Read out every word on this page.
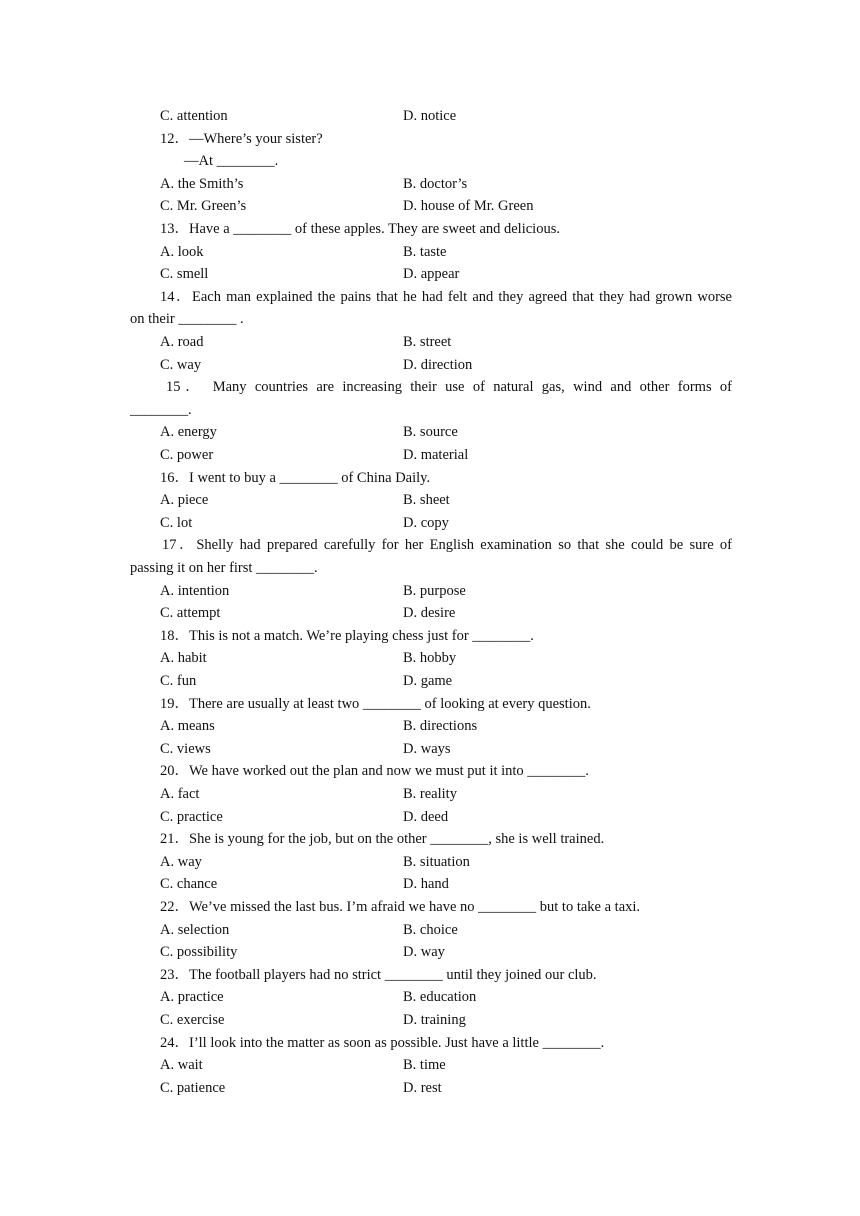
C. attention	D. notice
12．—Where’s your sister?
—At ________.
A. the Smith’s	B. doctor’s
C. Mr. Green’s	D. house of Mr. Green
13．Have a ________ of these apples. They are sweet and delicious.
A. look	B. taste
C. smell	D. appear
14．Each man explained the pains that he had felt and they agreed that they had grown worse
on their ________ .
A. road	B. street
C. way	D. direction
15． Many countries are increasing their use of natural gas, wind and other forms of
________.
A. energy	B. source
C. power	D. material
16．I went to buy a ________ of China Daily.
A. piece	B. sheet
C. lot	D. copy
17．Shelly had prepared carefully for her English examination so that she could be sure of
passing it on her first ________.
A. intention	B. purpose
C. attempt	D. desire
18．This is not a match. We’re playing chess just for ________.
A. habit	B. hobby
C. fun	D. game
19．There are usually at least two ________ of looking at every question.
A. means	B. directions
C. views	D. ways
20．We have worked out the plan and now we must put it into ________.
A. fact	B. reality
C. practice	D. deed
21．She is young for the job, but on the other ________, she is well trained.
A. way	B. situation
C. chance	D. hand
22．We’ve missed the last bus. I’m afraid we have no ________ but to take a taxi.
A. selection	B. choice
C. possibility	D. way
23．The football players had no strict ________ until they joined our club.
A. practice	B. education
C. exercise	D. training
24．I’ll look into the matter as soon as possible. Just have a little ________.
A. wait	B. time
C. patience	D. rest
